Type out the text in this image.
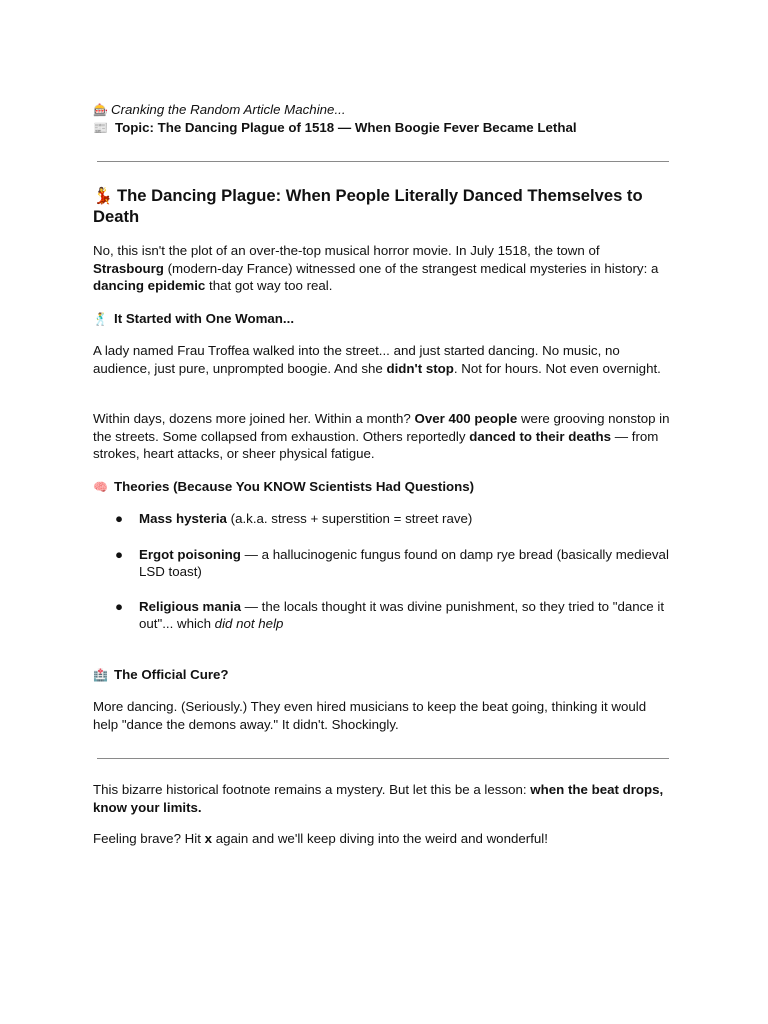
🎰 Cranking the Random Article Machine...
📰 Topic: The Dancing Plague of 1518 — When Boogie Fever Became Lethal
💃 The Dancing Plague: When People Literally Danced Themselves to Death

No, this isn't the plot of an over-the-top musical horror movie. In July 1518, the town of Strasbourg (modern-day France) witnessed one of the strangest medical mysteries in history: a dancing epidemic that got way too real.

🕺 It Started with One Woman...

A lady named Frau Troffea walked into the street... and just started dancing. No music, no audience, just pure, unprompted boogie. And she didn't stop. Not for hours. Not even overnight.

Within days, dozens more joined her. Within a month? Over 400 people were grooving nonstop in the streets. Some collapsed from exhaustion. Others reportedly danced to their deaths — from strokes, heart attacks, or sheer physical fatigue.

🧠 Theories (Because You KNOW Scientists Had Questions)
● Mass hysteria (a.k.a. stress + superstition = street rave)
● Ergot poisoning — a hallucinogenic fungus found on damp rye bread (basically medieval LSD toast)
● Religious mania — the locals thought it was divine punishment, so they tried to "dance it out"... which did not help
🏥 The Official Cure?

More dancing. (Seriously.) They even hired musicians to keep the beat going, thinking it would help "dance the demons away." It didn't. Shockingly.

This bizarre historical footnote remains a mystery. But let this be a lesson: when the beat drops, know your limits.

Feeling brave? Hit x again and we'll keep diving into the weird and wonderful!
